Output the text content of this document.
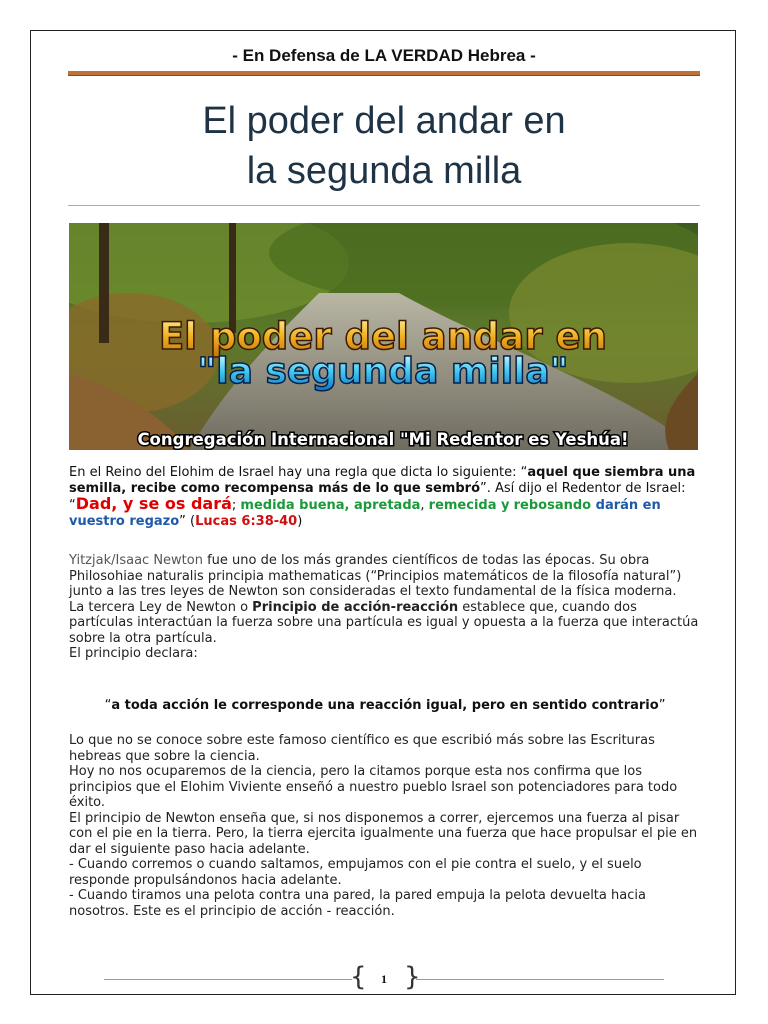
- En Defensa de LA VERDAD Hebrea -
El poder del andar en
la segunda milla
El poder del andar en
"la segunda milla"
Congregación Internacional "Mi Redentor es Yeshúa!
En el Reino del Elohim de Israel hay una regla que dicta lo siguiente: “aquel que siembra una semilla, recibe como recompensa más de lo que sembró”. Así dijo el Redentor de Israel: “Dad, y se os dará; medida buena, apretada, remecida y rebosando darán en vuestro regazo” (Lucas 6:38-40)
Yitzjak/Isaac Newton fue uno de los más grandes científicos de todas las épocas. Su obra Philosohiae naturalis principia mathematicas (“Principios matemáticos de la filosofía natural”) junto a las tres leyes de Newton son consideradas el texto fundamental de la física moderna.
La tercera Ley de Newton o Principio de acción-reacción establece que, cuando dos partículas interactúan la fuerza sobre una partícula es igual y opuesta a la fuerza que interactúa sobre la otra partícula.
El principio declara:
“a toda acción le corresponde una reacción igual, pero en sentido contrario”
Lo que no se conoce sobre este famoso científico es que escribió más sobre las Escrituras hebreas que sobre la ciencia.
Hoy no nos ocuparemos de la ciencia, pero la citamos porque esta nos confirma que los principios que el Elohim Viviente enseñó a nuestro pueblo Israel son potenciadores para todo éxito.
El principio de Newton enseña que, si nos disponemos a correr, ejercemos una fuerza al pisar con el pie en la tierra. Pero, la tierra ejercita igualmente una fuerza que hace propulsar el pie en dar el siguiente paso hacia adelante.
- Cuando corremos o cuando saltamos, empujamos con el pie contra el suelo, y el suelo responde propulsándonos hacia adelante.
- Cuando tiramos una pelota contra una pared, la pared empuja la pelota devuelta hacia nosotros. Este es el principio de acción - reacción.
{ }
1
